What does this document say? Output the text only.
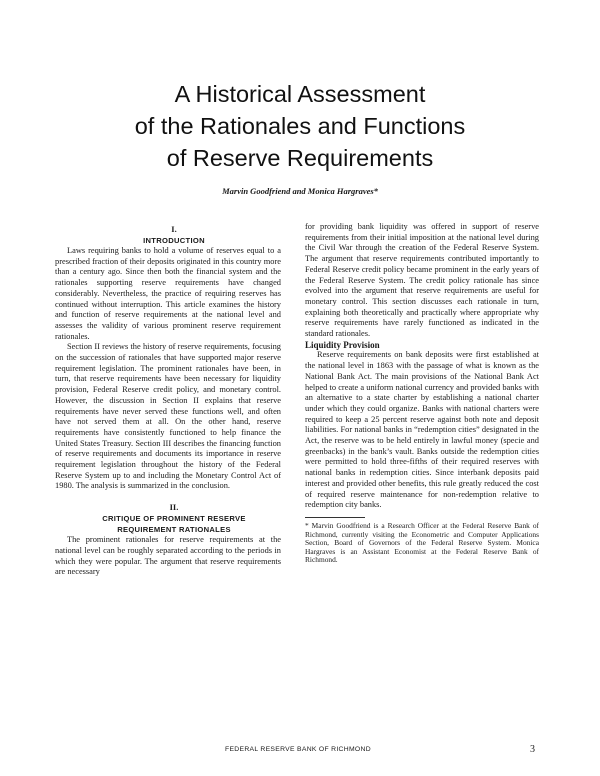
A Historical Assessment
of the Rationales and Functions
of Reserve Requirements
Marvin Goodfriend and Monica Hargraves*

I.

INTRODUCTION

Laws requiring banks to hold a volume of reserves equal to a prescribed fraction of their deposits originated in this country more than a century ago. Since then both the financial system and the rationales supporting reserve requirements have changed considerably. Nevertheless, the practice of requiring reserves has continued without interruption. This article examines the history and function of reserve requirements at the national level and assesses the validity of various prominent reserve requirement rationales.

Section II reviews the history of reserve requirements, focusing on the succession of rationales that have supported major reserve requirement legislation. The prominent rationales have been, in turn, that reserve requirements have been necessary for liquidity provision, Federal Reserve credit policy, and monetary control. However, the discussion in Section II explains that reserve requirements have never served these functions well, and often have not served them at all. On the other hand, reserve requirements have consistently functioned to help finance the United States Treasury. Section III describes the financing function of reserve requirements and documents its importance in reserve requirement legislation throughout the history of the Federal Reserve System up to and including the Monetary Control Act of 1980. The analysis is summarized in the conclusion.

II.

CRITIQUE OF PROMINENT RESERVE

REQUIREMENT RATIONALES

The prominent rationales for reserve requirements at the national level can be roughly separated according to the periods in which they were popular. The argument that reserve requirements are necessary

for providing bank liquidity was offered in support of reserve requirements from their initial imposition at the national level during the Civil War through the creation of the Federal Reserve System. The argument that reserve requirements contributed importantly to Federal Reserve credit policy became prominent in the early years of the Federal Reserve System. The credit policy rationale has since evolved into the argument that reserve requirements are useful for monetary control. This section discusses each rationale in turn, explaining both theoretically and practically where appropriate why reserve requirements have rarely functioned as indicated in the standard rationales.

Liquidity Provision

Reserve requirements on bank deposits were first established at the national level in 1863 with the passage of what is known as the National Bank Act. The main provisions of the National Bank Act helped to create a uniform national currency and provided banks with an alternative to a state charter by establishing a national charter under which they could organize. Banks with national charters were required to keep a 25 percent reserve against both note and deposit liabilities. For national banks in “redemption cities” designated in the Act, the reserve was to be held entirely in lawful money (specie and greenbacks) in the bank’s vault. Banks outside the redemption cities were permitted to hold three-fifths of their required reserves with national banks in redemption cities. Since interbank deposits paid interest and provided other benefits, this rule greatly reduced the cost of required reserve maintenance for non-redemption relative to redemption city banks.

* Marvin Goodfriend is a Research Officer at the Federal Reserve Bank of Richmond, currently visiting the Econometric and Computer Applications Section, Board of Governors of the Federal Reserve System. Monica Hargraves is an Assistant Economist at the Federal Reserve Bank of Richmond.

FEDERAL RESERVE BANK OF RICHMOND	3
